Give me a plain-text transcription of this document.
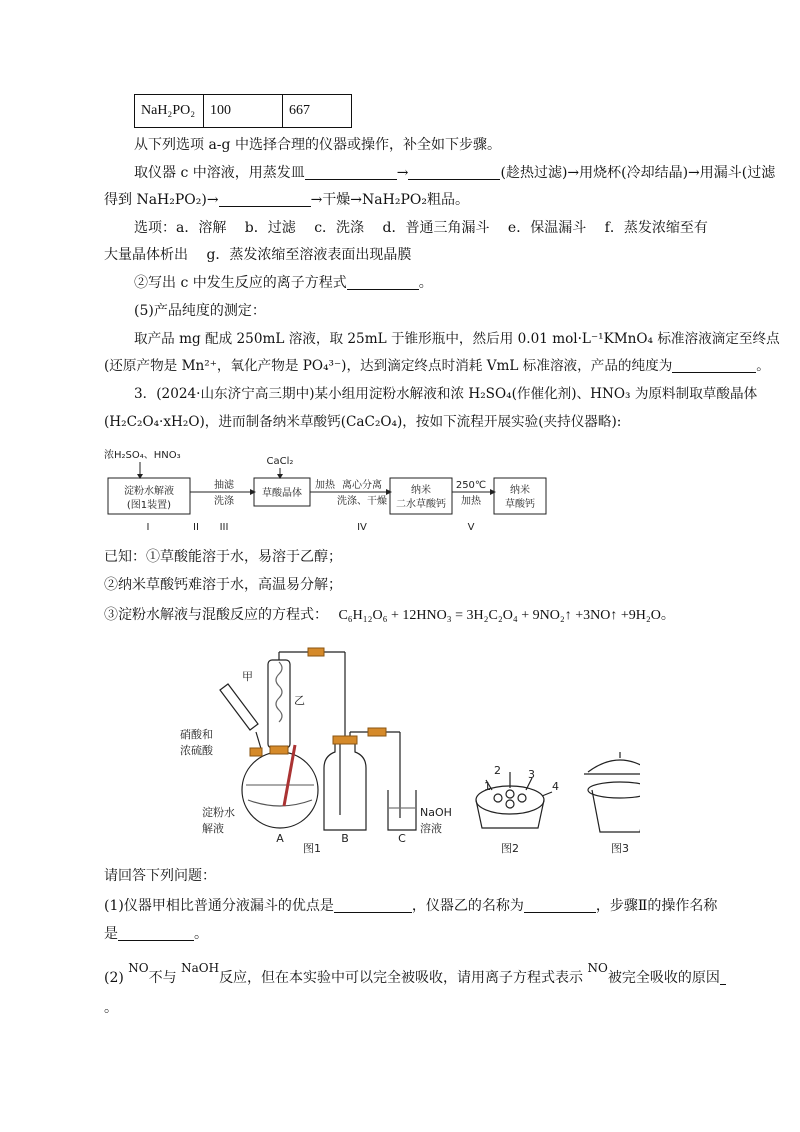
NaH₂PO₂	100	667
从下列选项 a-g 中选择合理的仪器或操作，补全如下步骤。
取仪器 c 中溶液，用蒸发皿	→	(趁热过滤)→用烧杯(冷却结晶)→用漏斗(过滤
得到 NaH₂PO₂)→	→干燥→NaH₂PO₂粗品。
选项：a．溶解　 b．过滤　 c．洗涤　 d．普通三角漏斗　 e．保温漏斗　 f．蒸发浓缩至有
大量晶体析出　 g．蒸发浓缩至溶液表面出现晶膜
②写出 c 中发生反应的离子方程式	。
(5)产品纯度的测定：
取产品 mg 配成 250mL 溶液，取 25mL 于锥形瓶中，然后用 0.01 mol·L⁻¹KMnO₄ 标准溶液滴定至终点
(还原产物是 Mn²⁺，氧化产物是 PO₄³⁻)，达到滴定终点时消耗 VmL 标准溶液，产品的纯度为	。
3．(2024·山东济宁高三期中)某小组用淀粉水解液和浓 H₂SO₄(作催化剂)、HNO₃ 为原料制取草酸晶体
(H₂C₂O₄·xH₂O)，进而制备纳米草酸钙(CaC₂O₄)，按如下流程开展实验(夹持仪器略):
浓H₂SO₄、HNO₃
淀粉水解液
(图1装置)
抽滤
洗涤
CaCl₂
草酸晶体
加热 离心分离
洗涤、干燥
纳米
二水草酸钙
250℃
加热
纳米
草酸钙
I	II III	IV	V
已知：①草酸能溶于水，易溶于乙醇；
②纳米草酸钙难溶于水，高温易分解；
③淀粉水解液与混酸反应的方程式： C₆H₁₂O₆ + 12HNO₃ = 3H₂C₂O₄ + 9NO₂↑ +3NO↑ +9H₂O。
甲
乙
硝酸和
浓硫酸
淀粉水
解液
NaOH
溶液
A	B	C
1
2 3
4
图1	图2	图3
请回答下列问题：
(1)仪器甲相比普通分液漏斗的优点是	，仪器乙的名称为	，步骤Ⅱ的操作名称
是	。
(2) NO不与 NaOH反应，但在本实验中可以完全被吸收，请用离子方程式表示 NO被完全吸收的原因
。
